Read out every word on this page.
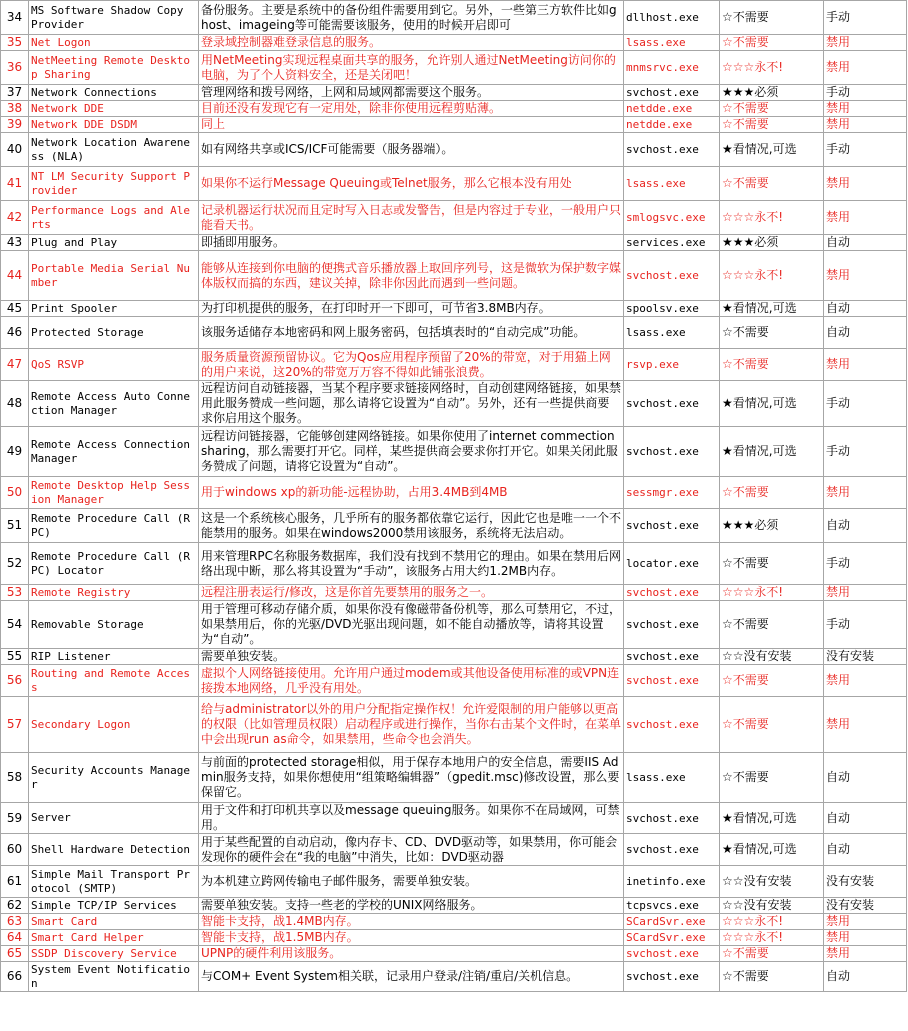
34	MS Software Shadow Copy Provider	备份服务。主要是系统中的备份组件需要用到它。另外，一些第三方软件比如ghost、imageing等可能需要该服务，使用的时候开启即可	dllhost.exe	☆不需要	手动
35	Net Logon	登录域控制器难登录信息的服务。	lsass.exe	☆不需要	禁用
36	NetMeeting Remote Desktop Sharing	用NetMeeting实现远程桌面共享的服务，允许别人通过NetMeeting访问你的电脑，为了个人资料安全，还是关闭吧！	mnmsrvc.exe	☆☆☆永不!	禁用
37	Network Connections	管理网络和拨号网络，上网和局域网都需要这个服务。	svchost.exe	★★★必须	手动
38	Network DDE	目前还没有发现它有一定用处，除非你使用远程剪贴薄。	netdde.exe	☆不需要	禁用
39	Network DDE DSDM	同上	netdde.exe	☆不需要	禁用
40	Network Location Awareness (NLA)	如有网络共享或ICS/ICF可能需要（服务器端）。	svchost.exe	★看情况,可选	手动
41	NT LM Security Support Provider	如果你不运行Message Queuing或Telnet服务，那么它根本没有用处	lsass.exe	☆不需要	禁用
42	Performance Logs and Alerts	记录机器运行状况而且定时写入日志或发警告，但是内容过于专业，一般用户只能看天书。	smlogsvc.exe	☆☆☆永不!	禁用
43	Plug and Play	即插即用服务。	services.exe	★★★必须	自动
44	Portable Media Serial Number	能够从连接到你电脑的便携式音乐播放器上取回序列号，这是微软为保护数字媒体版权而搞的东西，建议关掉，除非你因此而遇到一些问题。	svchost.exe	☆☆☆永不!	禁用
45	Print Spooler	为打印机提供的服务，在打印时开一下即可，可节省3.8MB内存。	spoolsv.exe	★看情况,可选	自动
46	Protected Storage	该服务适储存本地密码和网上服务密码，包括填表时的“自动完成”功能。	lsass.exe	☆不需要	自动
47	QoS RSVP	服务质量资源预留协议。它为Qos应用程序预留了20%的带宽，对于用猫上网的用户来说，这20%的带宽万万容不得如此铺张浪费。	rsvp.exe	☆不需要	禁用
48	Remote Access Auto Connection Manager	远程访问自动链接器，当某个程序要求链接网络时，自动创建网络链接，如果禁用此服务赞成一些问题，那么请将它设置为“自动”。另外，还有一些提供商要求你启用这个服务。	svchost.exe	★看情况,可选	手动
49	Remote Access Connection Manager	远程访问链接器，它能够创建网络链接。如果你使用了internet commection sharing，那么需要打开它。同样，某些提供商会要求你打开它。如果关闭此服务赞成了问题，请将它设置为“自动”。	svchost.exe	★看情况,可选	手动
50	Remote Desktop Help Session Manager	用于windows xp的新功能-远程协助，占用3.4MB到4MB	sessmgr.exe	☆不需要	禁用
51	Remote Procedure Call (RPC)	这是一个系统核心服务，几乎所有的服务都依靠它运行，因此它也是唯一一个不能禁用的服务。如果在windows2000禁用该服务，系统将无法启动。	svchost.exe	★★★必须	自动
52	Remote Procedure Call (RPC) Locator	用来管理RPC名称服务数据库，我们没有找到不禁用它的理由。如果在禁用后网络出现中断，那么将其设置为“手动”，该服务占用大约1.2MB内存。	locator.exe	☆不需要	手动
53	Remote Registry	远程注册表运行/修改，这是你首先要禁用的服务之一。	svchost.exe	☆☆☆永不!	禁用
54	Removable Storage	用于管理可移动存储介质，如果你没有像磁带备份机等，那么可禁用它，不过，如果禁用后，你的光驱/DVD光驱出现问题，如不能自动播放等，请将其设置为“自动”。	svchost.exe	☆不需要	手动
55	RIP Listener	需要单独安装。	svchost.exe	☆☆没有安装	没有安装
56	Routing and Remote Access	虚拟个人网络链接使用。允许用户通过modem或其他设备使用标准的或VPN连接拨本地网络，几乎没有用处。	svchost.exe	☆不需要	禁用
57	Secondary Logon	给与administrator以外的用户分配指定操作权！允许爱限制的用户能够以更高的权限（比如管理员权限）启动程序或进行操作，当你右击某个文件时，在菜单中会出现run as命令，如果禁用，些命令也会消失。	svchost.exe	☆不需要	禁用
58	Security Accounts Manager	与前面的protected storage相似，用于保存本地用户的安全信息，需要IIS Admin服务支持，如果你想使用“组策略编辑器”（gpedit.msc)修改设置，那么要保留它。	lsass.exe	☆不需要	自动
59	Server	用于文件和打印机共享以及message queuing服务。如果你不在局域网，可禁用。	svchost.exe	★看情况,可选	自动
60	Shell Hardware Detection	用于某些配置的自动启动，像内存卡、CD、DVD驱动等，如果禁用，你可能会发现你的硬件会在“我的电脑”中消失，比如：DVD驱动器	svchost.exe	★看情况,可选	自动
61	Simple Mail Transport Protocol (SMTP)	为本机建立跨网传输电子邮件服务，需要单独安装。	inetinfo.exe	☆☆没有安装	没有安装
62	Simple TCP/IP Services	需要单独安装。支持一些老的学校的UNIX网络服务。	tcpsvcs.exe	☆☆没有安装	没有安装
63	Smart Card	智能卡支持，战1.4MB内存。	SCardSvr.exe	☆☆☆永不!	禁用
64	Smart Card Helper	智能卡支持，战1.5MB内存。	SCardSvr.exe	☆☆☆永不!	禁用
65	SSDP Discovery Service	UPNP的硬件利用该服务。	svchost.exe	☆不需要	禁用
66	System Event Notification	与COM+ Event System相关联，记录用户登录/注销/重启/关机信息。	svchost.exe	☆不需要	自动
